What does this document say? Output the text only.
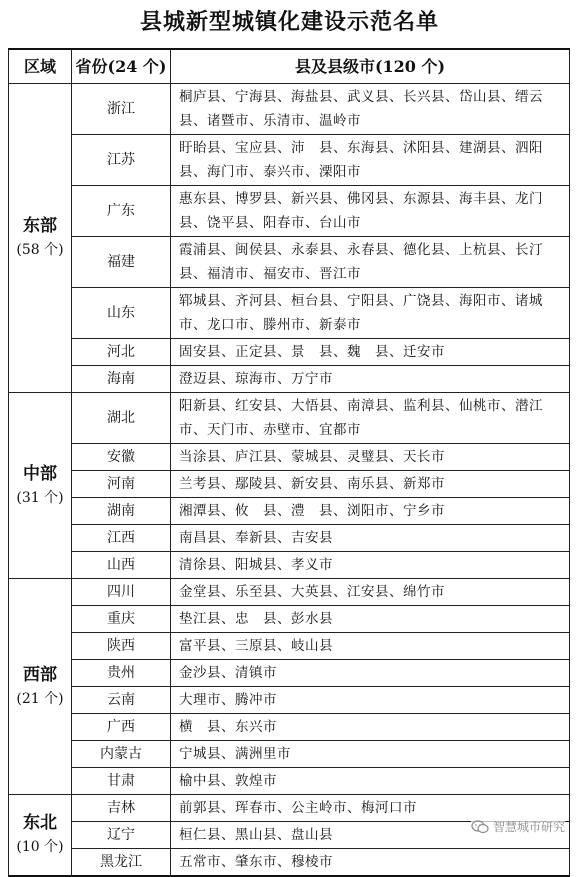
县城新型城镇化建设示范名单
区域	省份(24 个)	县及县级市(120 个)
东部
(58 个)	浙江	桐庐县、宁海县、海盐县、武义县、长兴县、岱山县、缙云县、诸暨市、乐清市、温岭市
	江苏	盱眙县、宝应县、沛　县、东海县、沭阳县、建湖县、泗阳县、海门市、泰兴市、溧阳市
	广东	惠东县、博罗县、新兴县、佛冈县、东源县、海丰县、龙门县、饶平县、阳春市、台山市
	福建	霞浦县、闽侯县、永泰县、永春县、德化县、上杭县、长汀县、福清市、福安市、晋江市
	山东	郓城县、齐河县、桓台县、宁阳县、广饶县、海阳市、诸城市、龙口市、滕州市、新泰市
	河北	固安县、正定县、景　县、魏　县、迁安市
	海南	澄迈县、琼海市、万宁市
中部
(31 个)	湖北	阳新县、红安县、大悟县、南漳县、监利县、仙桃市、潜江市、天门市、赤壁市、宜都市
	安徽	当涂县、庐江县、蒙城县、灵璧县、天长市
	河南	兰考县、鄢陵县、新安县、南乐县、新郑市
	湖南	湘潭县、攸　县、澧　县、浏阳市、宁乡市
	江西	南昌县、奉新县、吉安县
	山西	清徐县、阳城县、孝义市
西部
(21 个)	四川	金堂县、乐至县、大英县、江安县、绵竹市
	重庆	垫江县、忠　县、彭水县
	陕西	富平县、三原县、岐山县
	贵州	金沙县、清镇市
	云南	大理市、腾冲市
	广西	横　县、东兴市
	内蒙古	宁城县、满洲里市
	甘肃	榆中县、敦煌市
东北
(10 个)	吉林	前郭县、珲春市、公主岭市、梅河口市
	辽宁	桓仁县、黑山县、盘山县
	黑龙江	五常市、肇东市、穆棱市
智慧城市研究
